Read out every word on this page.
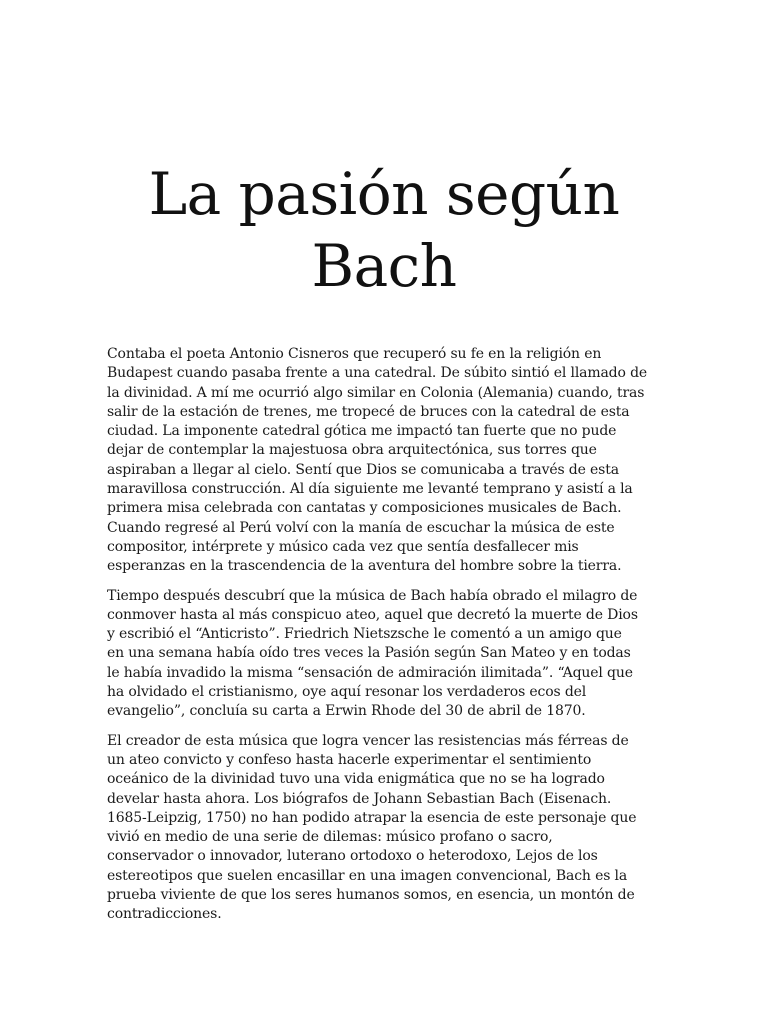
La pasión según
Bach

Contaba el poeta Antonio Cisneros que recuperó su fe en la religión en
Budapest cuando pasaba frente a una catedral. De súbito sintió el llamado de
la divinidad. A mí me ocurrió algo similar en Colonia (Alemania) cuando, tras
salir de la estación de trenes, me tropecé de bruces con la catedral de esta
ciudad. La imponente catedral gótica me impactó tan fuerte que no pude
dejar de contemplar la majestuosa obra arquitectónica, sus torres que
aspiraban a llegar al cielo. Sentí que Dios se comunicaba a través de esta
maravillosa construcción. Al día siguiente me levanté temprano y asistí a la
primera misa celebrada con cantatas y composiciones musicales de Bach.
Cuando regresé al Perú volví con la manía de escuchar la música de este
compositor, intérprete y músico cada vez que sentía desfallecer mis
esperanzas en la trascendencia de la aventura del hombre sobre la tierra.

Tiempo después descubrí que la música de Bach había obrado el milagro de
conmover hasta al más conspicuo ateo, aquel que decretó la muerte de Dios
y escribió el “Anticristo”. Friedrich Nietszsche le comentó a un amigo que
en una semana había oído tres veces la Pasión según San Mateo y en todas
le había invadido la misma “sensación de admiración ilimitada”. “Aquel que
ha olvidado el cristianismo, oye aquí resonar los verdaderos ecos del
evangelio”, concluía su carta a Erwin Rhode del 30 de abril de 1870.

El creador de esta música que logra vencer las resistencias más férreas de
un ateo convicto y confeso hasta hacerle experimentar el sentimiento
oceánico de la divinidad tuvo una vida enigmática que no se ha logrado
develar hasta ahora. Los biógrafos de Johann Sebastian Bach (Eisenach.
1685-Leipzig, 1750) no han podido atrapar la esencia de este personaje que
vivió en medio de una serie de dilemas: músico profano o sacro,
conservador o innovador, luterano ortodoxo o heterodoxo, Lejos de los
estereotipos que suelen encasillar en una imagen convencional, Bach es la
prueba viviente de que los seres humanos somos, en esencia, un montón de
contradicciones.
